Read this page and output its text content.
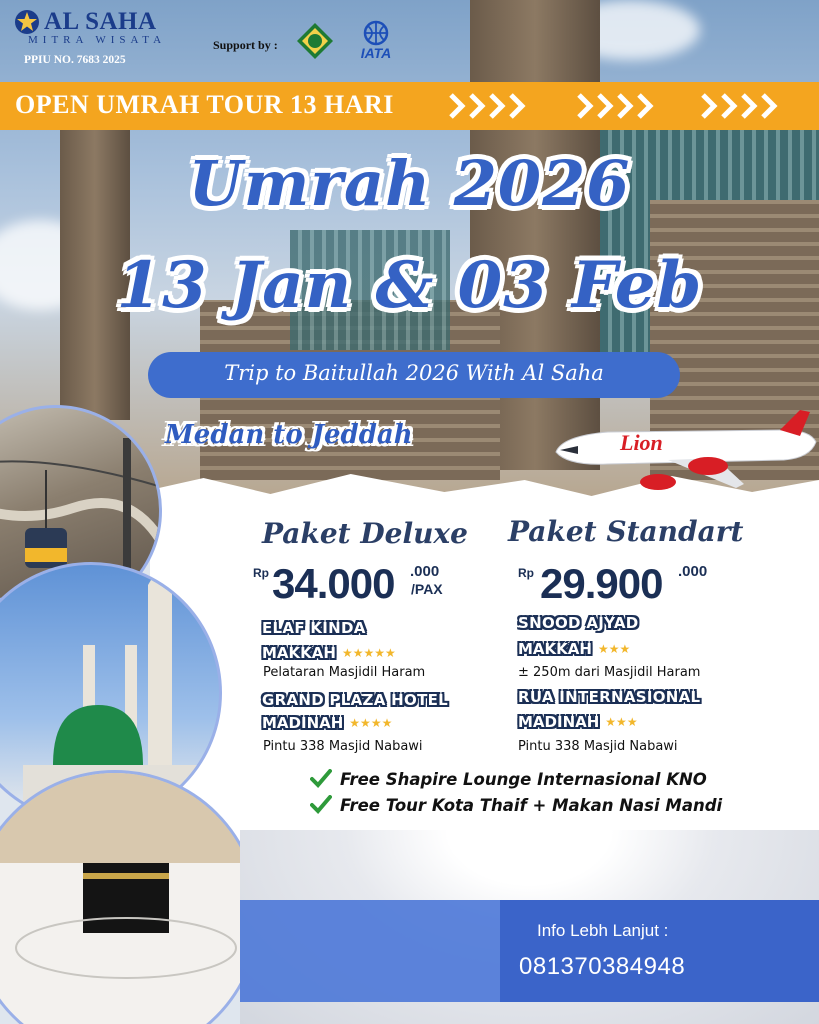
AL SAHA
MITRA WISATA
PPIU NO. 7683 2025
Support by :	IATA
OPEN UMRAH TOUR 13 HARI
Umrah 2026
13 Jan & 03 Feb
Trip to Baitullah 2026 With Al Saha
Medan to Jeddah	Lion
Paket Deluxe
Rp 34.000 .000
/PAX
ELAF KINDA
MAKKAH ★★★★★
Pelataran Masjidil Haram
GRAND PLAZA HOTEL
MADINAH ★★★★
Pintu 338 Masjid Nabawi
Paket Standart
Rp 29.900 .000
SNOOD AJYAD
MAKKAH ★★★
± 250m dari Masjidil Haram
RUA INTERNASIONAL
MADINAH ★★★
Pintu 338 Masjid Nabawi
Free Shapire Lounge Internasional KNO
Free Tour Kota Thaif + Makan Nasi Mandi
Info Lebh Lanjut :
081370384948
